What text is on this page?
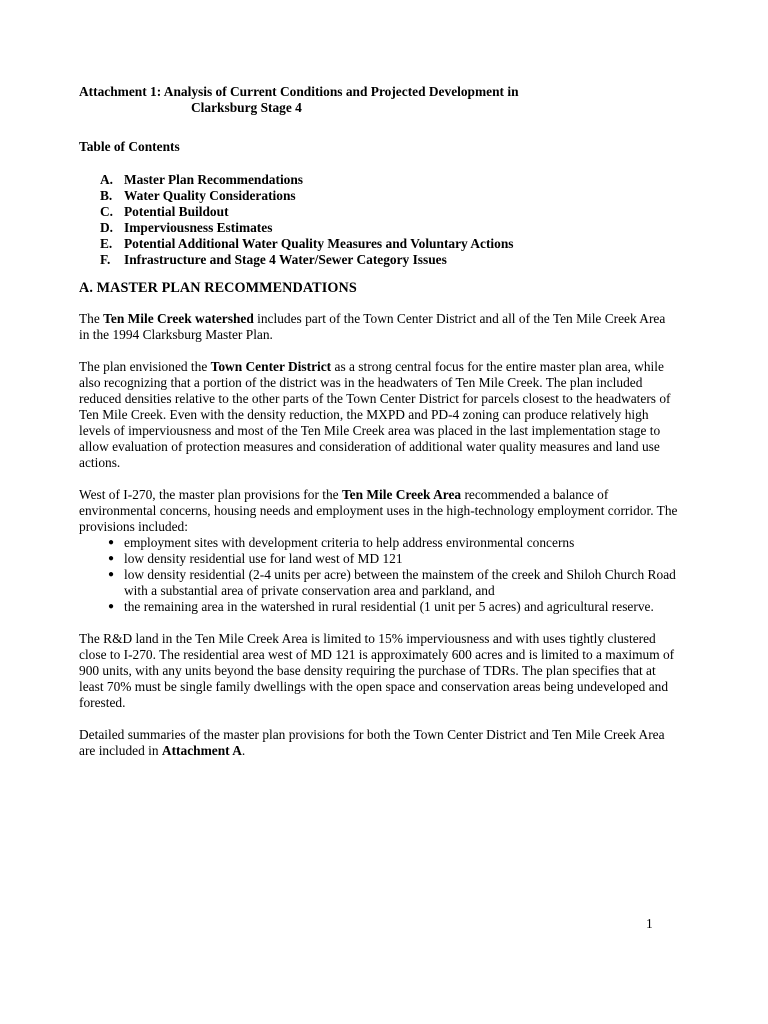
Attachment 1: Analysis of Current Conditions and Projected Development in
Clarksburg Stage 4
Table of Contents
A. Master Plan Recommendations
B. Water Quality Considerations
C. Potential Buildout
D. Imperviousness Estimates
E. Potential Additional Water Quality Measures and Voluntary Actions
F.	Infrastructure and Stage 4 Water/Sewer Category Issues
A. MASTER PLAN RECOMMENDATIONS

The Ten Mile Creek watershed includes part of the Town Center District and all of the Ten Mile Creek Area in the 1994 Clarksburg Master Plan.

The plan envisioned the Town Center District as a strong central focus for the entire master plan area, while also recognizing that a portion of the district was in the headwaters of Ten Mile Creek. The plan included reduced densities relative to the other parts of the Town Center District for parcels closest to the headwaters of Ten Mile Creek. Even with the density reduction, the MXPD and PD-4 zoning can produce relatively high levels of imperviousness and most of the Ten Mile Creek area was placed in the last implementation stage to allow evaluation of protection measures and consideration of additional water quality measures and land use actions.

West of I-270, the master plan provisions for the Ten Mile Creek Area recommended a balance of environmental concerns, housing needs and employment uses in the high-technology employment corridor. The provisions included:

● employment sites with development criteria to help address environmental concerns
● low density residential use for land west of MD 121
● low density residential (2-4 units per acre) between the mainstem of the creek and Shiloh Church Road with a substantial area of private conservation area and parkland, and
● the remaining area in the watershed in rural residential (1 unit per 5 acres) and agricultural reserve.

The R&D land in the Ten Mile Creek Area is limited to 15% imperviousness and with uses tightly clustered close to I-270. The residential area west of MD 121 is approximately 600 acres and is limited to a maximum of 900 units, with any units beyond the base density requiring the purchase of TDRs. The plan specifies that at least 70% must be single family dwellings with the open space and conservation areas being undeveloped and forested.

Detailed summaries of the master plan provisions for both the Town Center District and Ten Mile Creek Area are included in Attachment A.

1
